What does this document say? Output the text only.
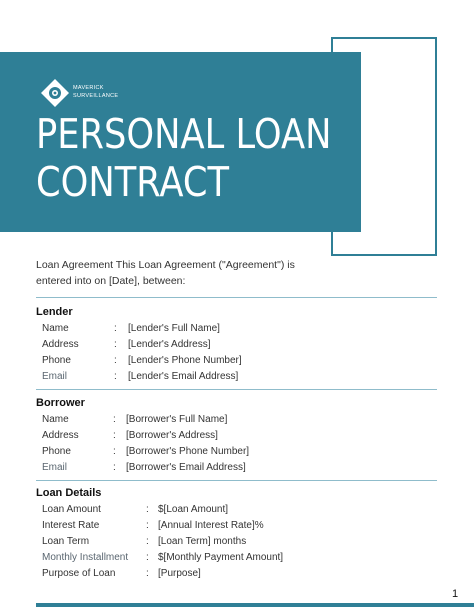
MAVERICK
SURVEILLANCE
PERSONAL LOAN
CONTRACT

Loan Agreement This Loan Agreement ("Agreement") is entered into on [Date], between:

Lender
Name	: [Lender's Full Name]
Address	: [Lender's Address]
Phone	: [Lender's Phone Number]
Email	: [Lender's Email Address]
Borrower
Name	: [Borrower's Full Name]
Address	: [Borrower's Address]
Phone	: [Borrower's Phone Number]
Email	: [Borrower's Email Address]
Loan Details
Loan Amount	: $[Loan Amount]
Interest Rate	: [Annual Interest Rate]%
Loan Term	: [Loan Term] months
Monthly Installment : $[Monthly Payment Amount]
Purpose of Loan	: [Purpose]
1
